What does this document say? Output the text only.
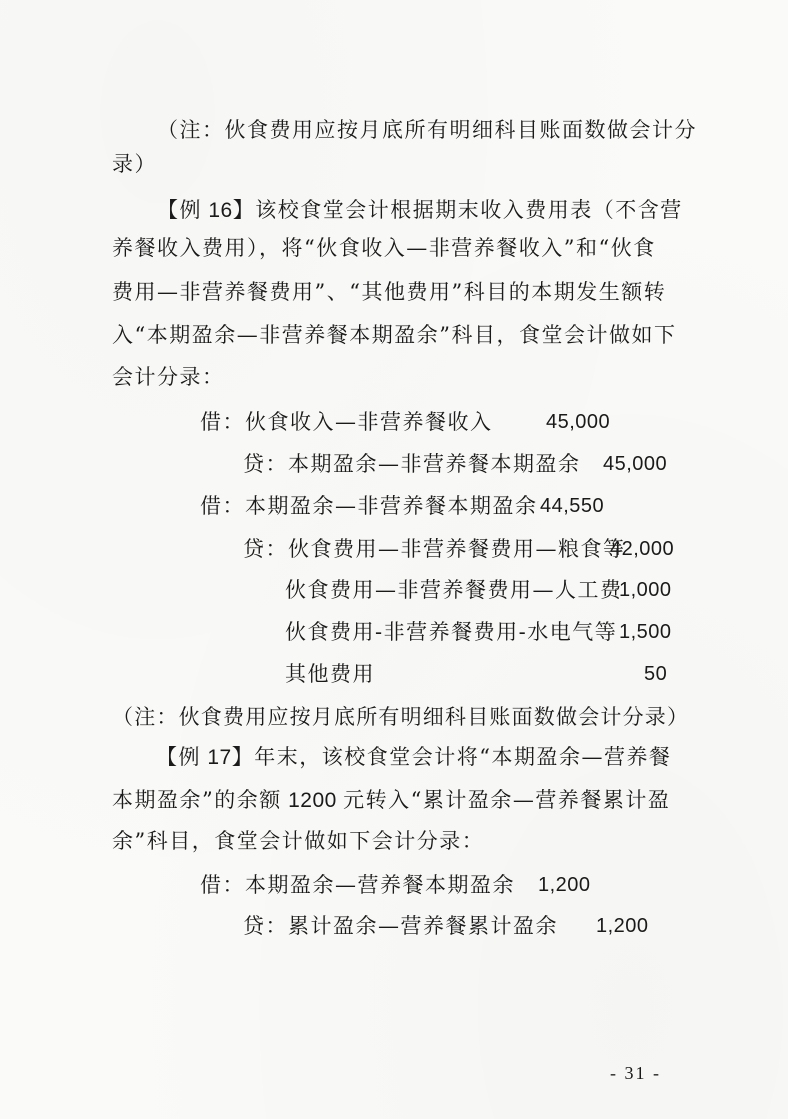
（注：伙食费用应按月底所有明细科目账面数做会计分
录）
【例 16】该校食堂会计根据期末收入费用表（不含营
养餐收入费用），将“伙食收入—非营养餐收入”和“伙食
费用—非营养餐费用”、“其他费用”科目的本期发生额转
入“本期盈余—非营养餐本期盈余”科目，食堂会计做如下
会计分录：
借：伙食收入—非营养餐收入	45,000
贷：本期盈余—非营养餐本期盈余 45,000
借：本期盈余—非营养餐本期盈余 44,550
贷：伙食费用—非营养餐费用—粮食等
42,000
伙食费用—非营养餐费用—人工费
1,000
伙食费用-非营养餐费用-水电气等 1,500
其他费用	50
（注：伙食费用应按月底所有明细科目账面数做会计分录）
【例 17】年末，该校食堂会计将“本期盈余—营养餐
本期盈余”的余额 1200 元转入“累计盈余—营养餐累计盈
余”科目，食堂会计做如下会计分录：
借：本期盈余—营养餐本期盈余 1,200
贷：累计盈余—营养餐累计盈余 1,200
- 31 -
